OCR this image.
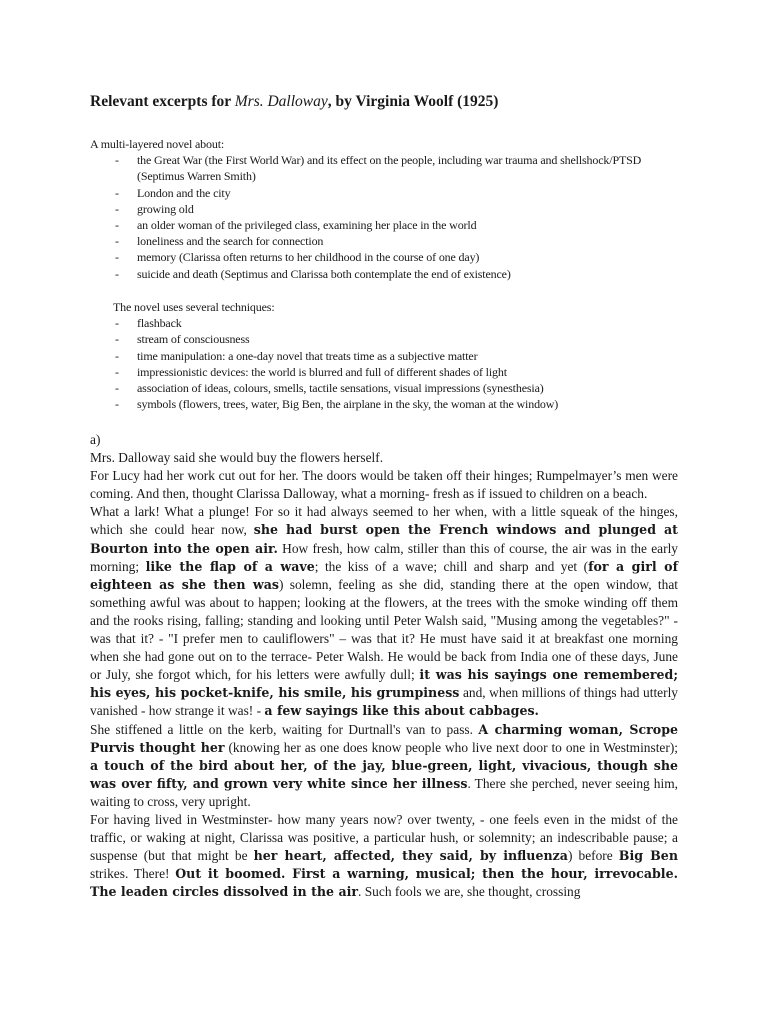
Relevant excerpts for Mrs. Dalloway, by Virginia Woolf (1925)

A multi-layered novel about:

- the Great War (the First World War) and its effect on the people, including war trauma and shellshock/PTSD (Septimus Warren Smith)
- London and the city
- growing old
- an older woman of the privileged class, examining her place in the world
- loneliness and the search for connection
- memory (Clarissa often returns to her childhood in the course of one day)
- suicide and death (Septimus and Clarissa both contemplate the end of existence)

The novel uses several techniques:

- flashback
- stream of consciousness
- time manipulation: a one-day novel that treats time as a subjective matter
- impressionistic devices: the world is blurred and full of different shades of light
- association of ideas, colours, smells, tactile sensations, visual impressions (synesthesia)
- symbols (flowers, trees, water, Big Ben, the airplane in the sky, the woman at the window)

a)

Mrs. Dalloway said she would buy the flowers herself.

For Lucy had her work cut out for her. The doors would be taken off their hinges; Rumpelmayer’s men were coming. And then, thought Clarissa Dalloway, what a morning- fresh as if issued to children on a beach.

What a lark! What a plunge! For so it had always seemed to her when, with a little squeak of the hinges, which she could hear now, she had burst open the French windows and plunged at Bourton into the open air. How fresh, how calm, stiller than this of course, the air was in the early morning; like the flap of a wave; the kiss of a wave; chill and sharp and yet (for a girl of eighteen as she then was) solemn, feeling as she did, standing there at the open window, that something awful was about to happen; looking at the flowers, at the trees with the smoke winding off them and the rooks rising, falling; standing and looking until Peter Walsh said, "Musing among the vegetables?" - was that it? - "I prefer men to cauliflowers" – was that it? He must have said it at breakfast one morning when she had gone out on to the terrace- Peter Walsh. He would be back from India one of these days, June or July, she forgot which, for his letters were awfully dull; it was his sayings one remembered; his eyes, his pocket-knife, his smile, his grumpiness and, when millions of things had utterly vanished - how strange it was! - a few sayings like this about cabbages.

She stiffened a little on the kerb, waiting for Durtnall's van to pass. A charming woman, Scrope Purvis thought her (knowing her as one does know people who live next door to one in Westminster); a touch of the bird about her, of the jay, blue-green, light, vivacious, though she was over fifty, and grown very white since her illness. There she perched, never seeing him, waiting to cross, very upright.

For having lived in Westminster- how many years now? over twenty, - one feels even in the midst of the traffic, or waking at night, Clarissa was positive, a particular hush, or solemnity; an indescribable pause; a suspense (but that might be her heart, affected, they said, by influenza) before Big Ben strikes. There! Out it boomed. First a warning, musical; then the hour, irrevocable. The leaden circles dissolved in the air. Such fools we are, she thought, crossing
